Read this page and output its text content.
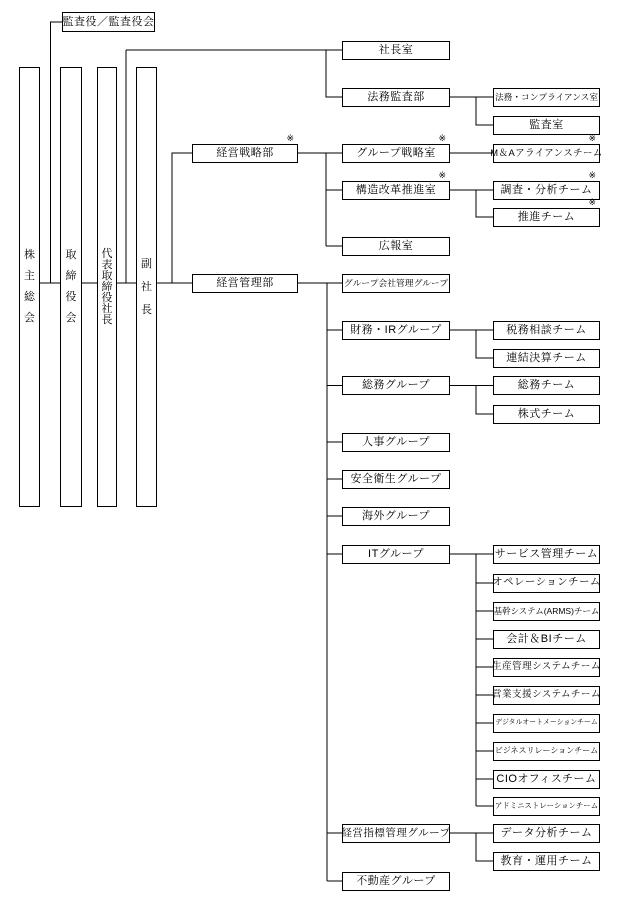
株
主
総
会
取
締
役
会
代
表
取
締
役
社
長
副
社
長
監査役／監査役会
※
経営戦略部
経営管理部
社長室
法務監査部
※
グループ戦略室
※
構造改革推進室
広報室
グループ会社管理グループ
財務・IRグループ
総務グループ
人事グループ
安全衛生グループ
海外グループ
ITグループ
経営指標管理グループ
不動産グループ
法務・コンプライアンス室
監査室
※
M＆Aアライアンスチーム
※
調査・分析チーム
※
推進チーム
税務相談チーム
連結決算チーム
総務チーム
株式チーム
サービス管理チーム
オペレーションチーム
基幹システム(ARMS)チーム
会計＆BIチーム
生産管理システムチーム
営業支援システムチーム
デジタルオートメーションチーム
ビジネスリレーションチーム
CIOオフィスチーム
アドミニストレーションチーム
データ分析チーム
教育・運用チーム
